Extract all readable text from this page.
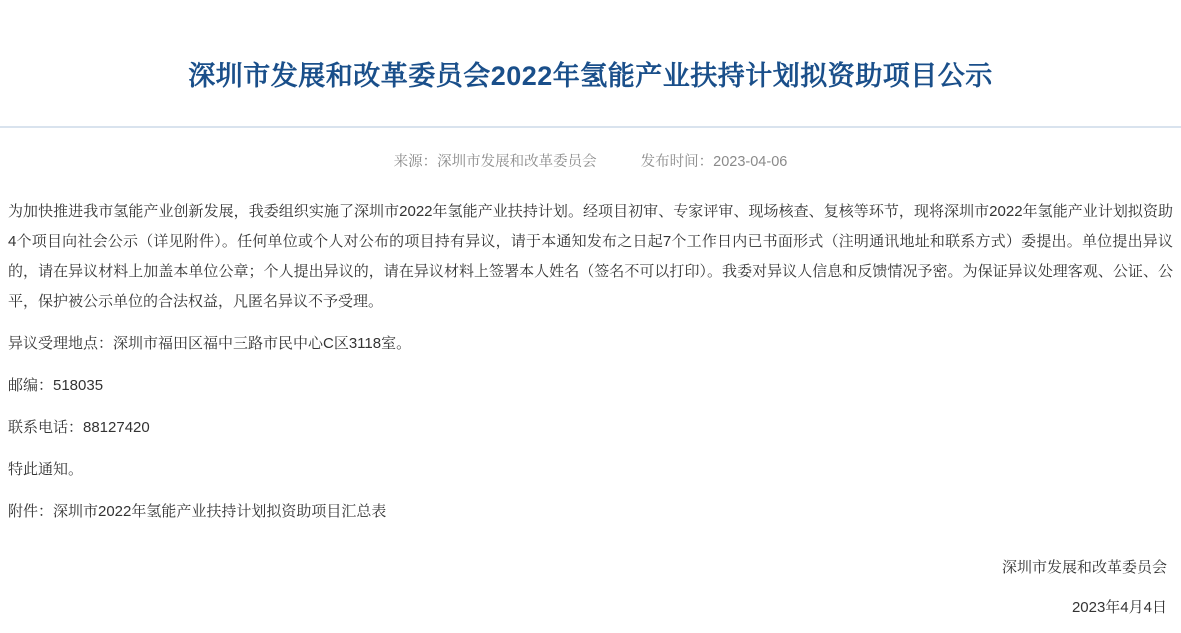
深圳市发展和改革委员会2022年氢能产业扶持计划拟资助项目公示
来源：深圳市发展和改革委员会	发布时间：2023-04-06

为加快推进我市氢能产业创新发展，我委组织实施了深圳市2022年氢能产业扶持计划。经项目初审、专家评审、现场核查、复核等环节，现将深圳市2022年氢能产业计划拟资助4个项目向社会公示（详见附件）。任何单位或个人对公布的项目持有异议，请于本通知发布之日起7个工作日内已书面形式（注明通讯地址和联系方式）委提出。单位提出异议的，请在异议材料上加盖本单位公章；个人提出异议的，请在异议材料上签署本人姓名（签名不可以打印）。我委对异议人信息和反馈情况予密。为保证异议处理客观、公证、公平，保护被公示单位的合法权益，凡匿名异议不予受理。

异议受理地点：深圳市福田区福中三路市民中心C区3118室。

邮编：518035

联系电话：88127420

特此通知。

附件：深圳市2022年氢能产业扶持计划拟资助项目汇总表

深圳市发展和改革委员会
2023年4月4日
